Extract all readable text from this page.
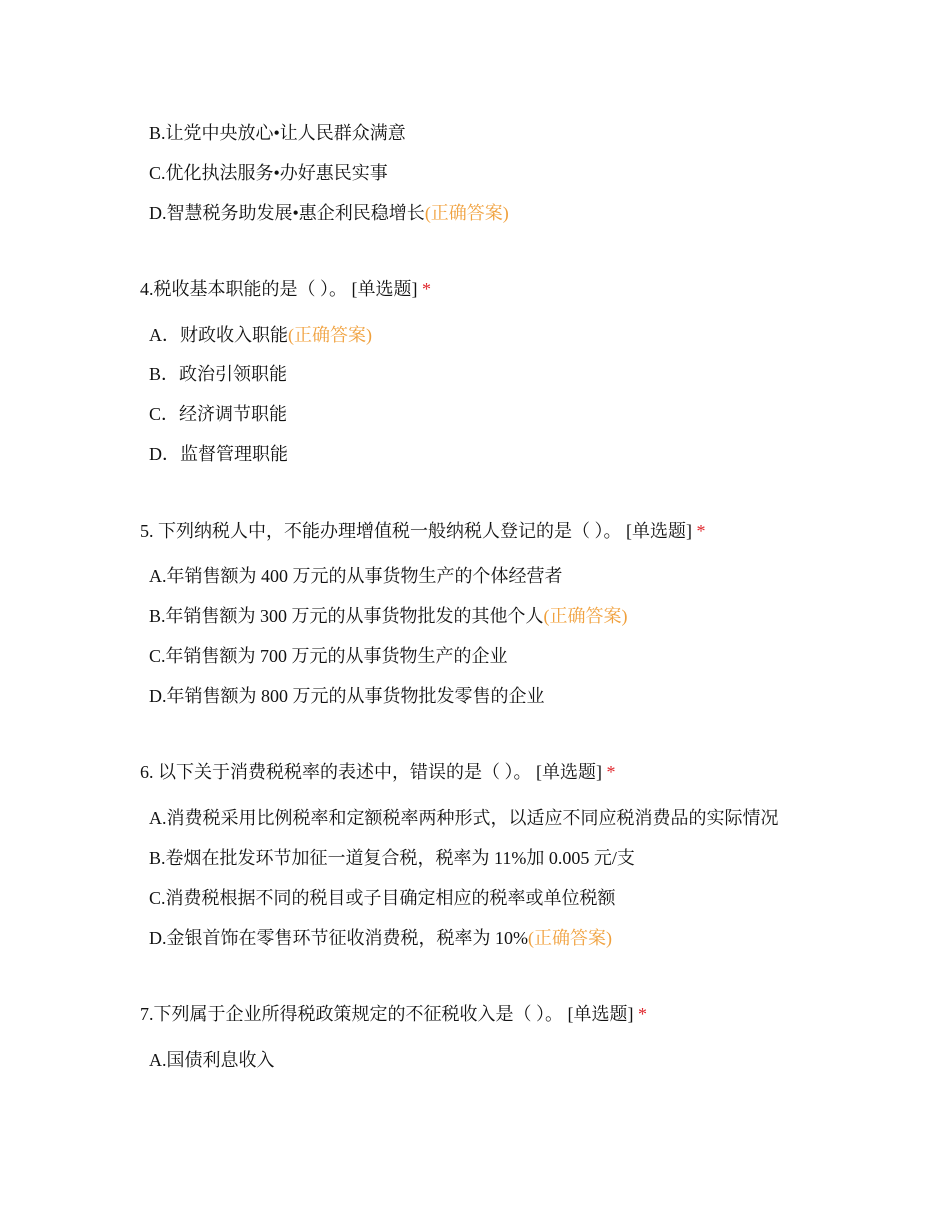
B.让党中央放心•让人民群众满意
C.优化执法服务•办好惠民实事
D.智慧税务助发展•惠企利民稳增长(正确答案)
4.税收基本职能的是（ ）。 [单选题] *
A．财政收入职能(正确答案)
B．政治引领职能
C．经济调节职能
D．监督管理职能
5. 下列纳税人中，不能办理增值税一般纳税人登记的是（ ）。 [单选题] *
A.年销售额为 400 万元的从事货物生产的个体经营者
B.年销售额为 300 万元的从事货物批发的其他个人(正确答案)
C.年销售额为 700 万元的从事货物生产的企业
D.年销售额为 800 万元的从事货物批发零售的企业
6. 以下关于消费税税率的表述中，错误的是（ ）。 [单选题] *
A.消费税采用比例税率和定额税率两种形式，以适应不同应税消费品的实际情况
B.卷烟在批发环节加征一道复合税，税率为 11%加 0.005 元/支
C.消费税根据不同的税目或子目确定相应的税率或单位税额
D.金银首饰在零售环节征收消费税，税率为 10%(正确答案)
7.下列属于企业所得税政策规定的不征税收入是（ ）。 [单选题] *
A.国债利息收入
